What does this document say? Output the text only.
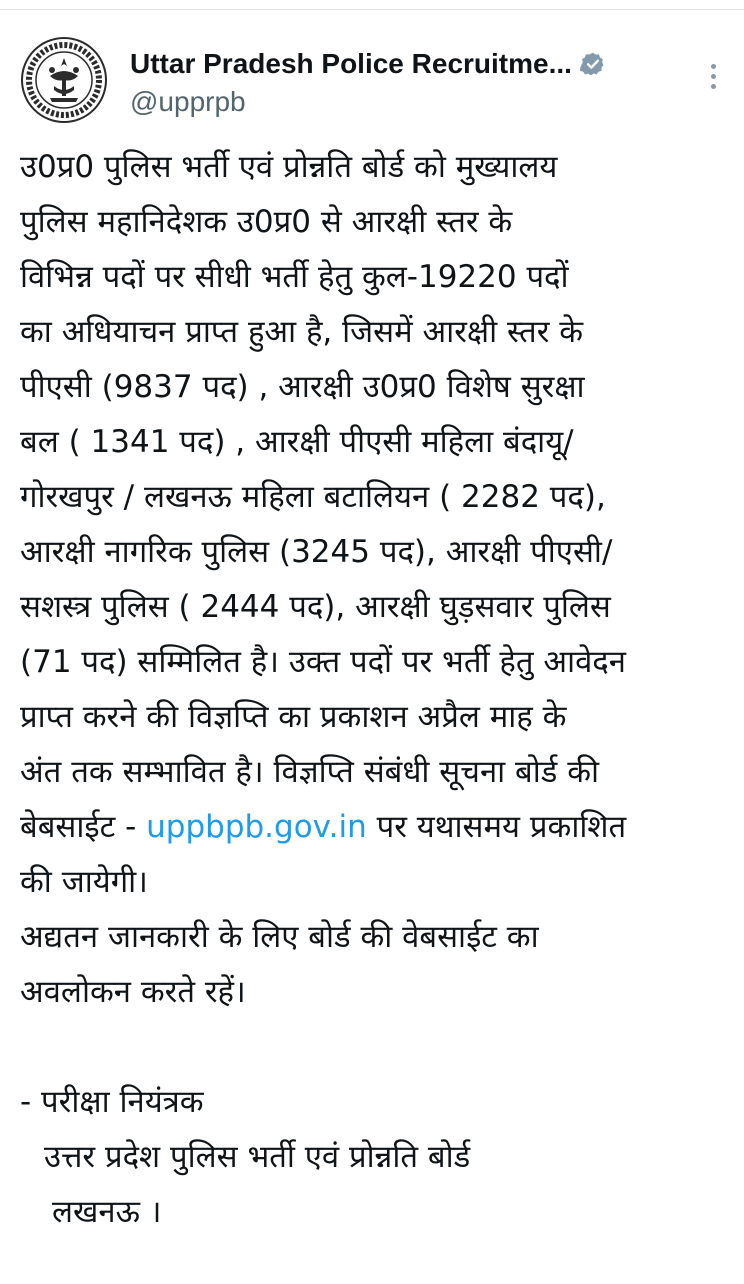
Uttar Pradesh Police Recruitme...
@upprpb
उ0प्र0 पुलिस भर्ती एवं प्रोन्नति बोर्ड को मुख्यालय
पुलिस महानिदेशक उ0प्र0 से आरक्षी स्तर के
विभिन्न पदों पर सीधी भर्ती हेतु कुल-19220 पदों
का अधियाचन प्राप्त हुआ है, जिसमें आरक्षी स्तर के
पीएसी (9837 पद) , आरक्षी उ0प्र0 विशेष सुरक्षा
बल ( 1341 पद) , आरक्षी पीएसी महिला बंदायू/
गोरखपुर / लखनऊ महिला बटालियन ( 2282 पद),
आरक्षी नागरिक पुलिस (3245 पद), आरक्षी पीएसी/
सशस्त्र पुलिस ( 2444 पद), आरक्षी घुड़सवार पुलिस
(71 पद) सम्मिलित है। उक्त पदों पर भर्ती हेतु आवेदन
प्राप्त करने की विज्ञप्ति का प्रकाशन अप्रैल माह के
अंत तक सम्भावित है। विज्ञप्ति संबंधी सूचना बोर्ड की
बेबसाईट - uppbpb.gov.in पर यथासमय प्रकाशित
की जायेगी।
अद्यतन जानकारी के लिए बोर्ड की वेबसाईट का
अवलोकन करते रहें।
- परीक्षा नियंत्रक
उत्तर प्रदेश पुलिस भर्ती एवं प्रोन्नति बोर्ड
लखनऊ ।
